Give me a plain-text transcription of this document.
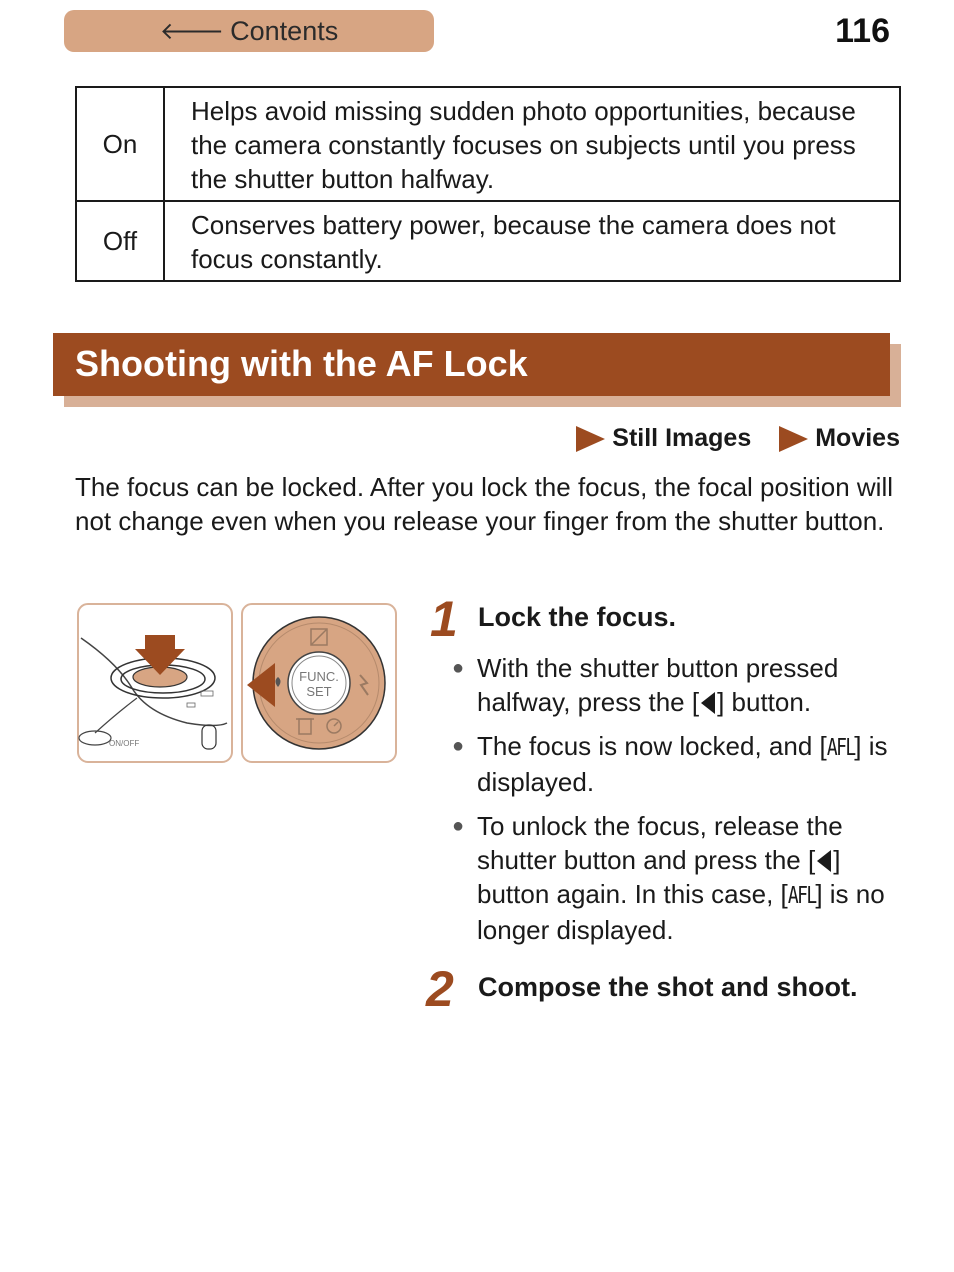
🡐 Contents	116
On	Helps avoid missing sudden photo opportunities, because the camera constantly focuses on subjects until you press the shutter button halfway.
Off	Conserves battery power, because the camera does not focus constantly.
Shooting with the AF Lock
Still Images	Movies
The focus can be locked. After you lock the focus, the focal position will not change even when you release your finger from the shutter button.
ON/OFF
FUNC.
SET
1 Lock the focus.
● With the shutter button pressed halfway, press the [ ] button.
● The focus is now locked, and [AFL] is displayed.
● To unlock the focus, release the shutter button and press the [ ] button again. In this case, [AFL] is no longer displayed.
2 Compose the shot and shoot.
